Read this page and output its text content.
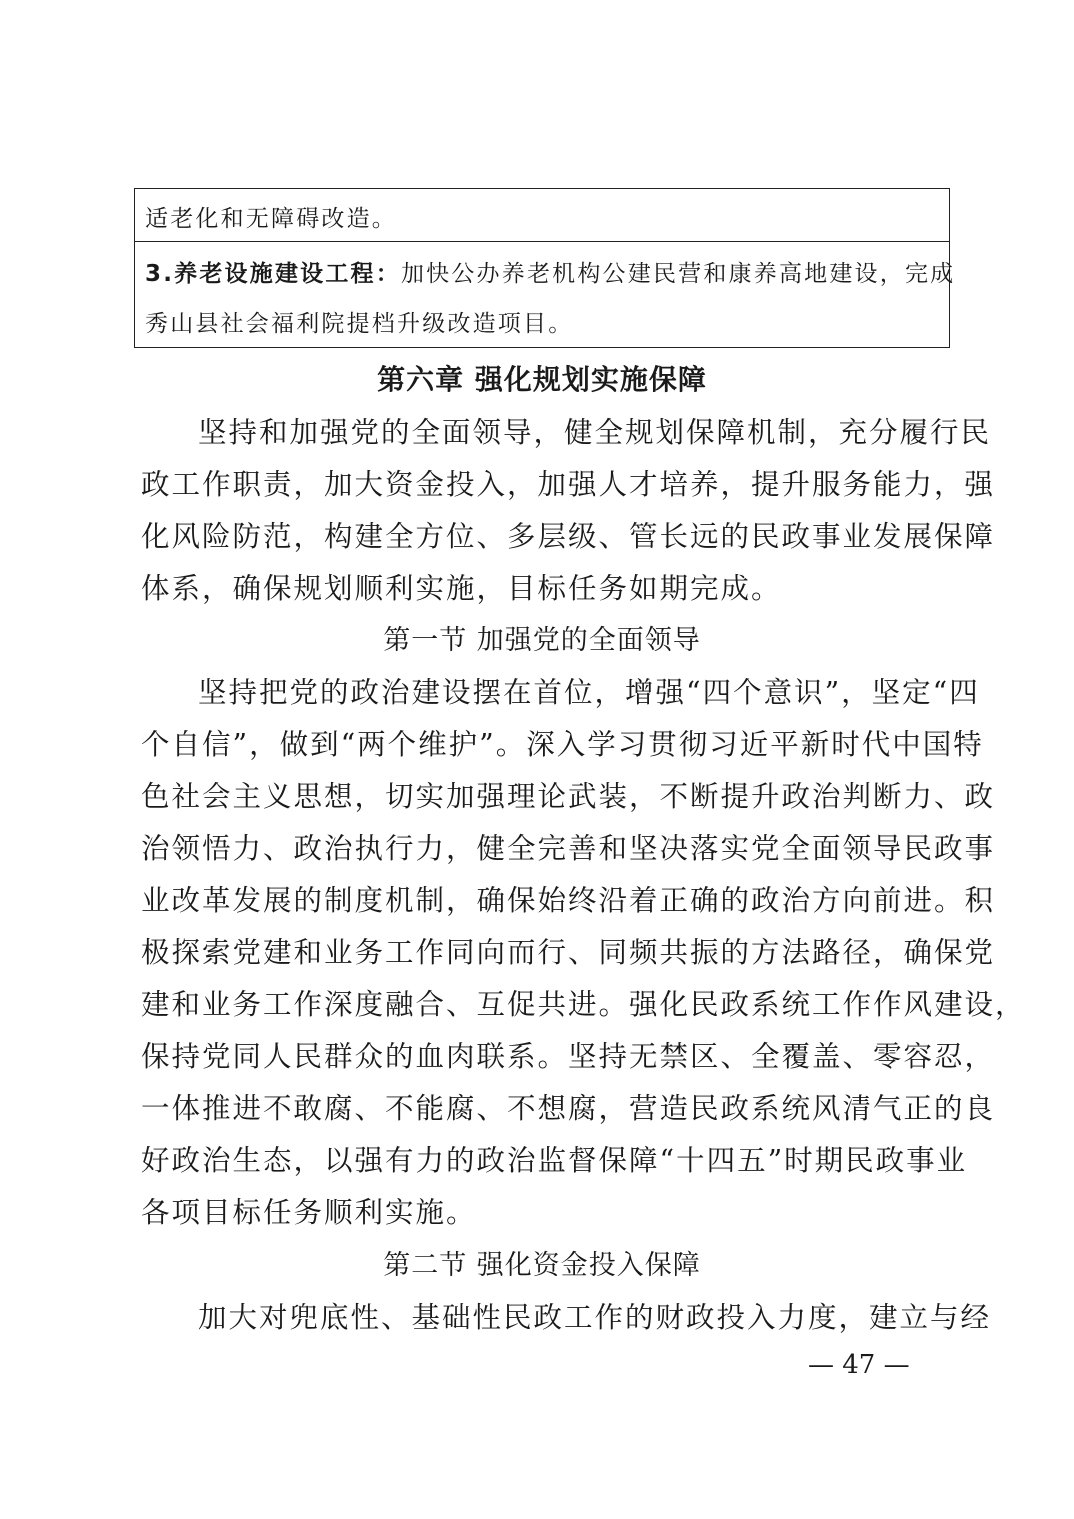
适老化和无障碍改造。
3.养老设施建设工程：加快公办养老机构公建民营和康养高地建设，完成
秀山县社会福利院提档升级改造项目。
第六章 强化规划实施保障
坚持和加强党的全面领导，健全规划保障机制，充分履行民
政工作职责，加大资金投入，加强人才培养，提升服务能力，强
化风险防范，构建全方位、多层级、管长远的民政事业发展保障
体系，确保规划顺利实施，目标任务如期完成。
第一节 加强党的全面领导
坚持把党的政治建设摆在首位，增强“四个意识”，坚定“四
个自信”，做到“两个维护”。深入学习贯彻习近平新时代中国特
色社会主义思想，切实加强理论武装，不断提升政治判断力、政
治领悟力、政治执行力，健全完善和坚决落实党全面领导民政事
业改革发展的制度机制，确保始终沿着正确的政治方向前进。积
极探索党建和业务工作同向而行、同频共振的方法路径，确保党
建和业务工作深度融合、互促共进。强化民政系统工作作风建设，
保持党同人民群众的血肉联系。坚持无禁区、全覆盖、零容忍，
一体推进不敢腐、不能腐、不想腐，营造民政系统风清气正的良
好政治生态，以强有力的政治监督保障“十四五”时期民政事业
各项目标任务顺利实施。
第二节 强化资金投入保障
加大对兜底性、基础性民政工作的财政投入力度，建立与经
— 47 —
